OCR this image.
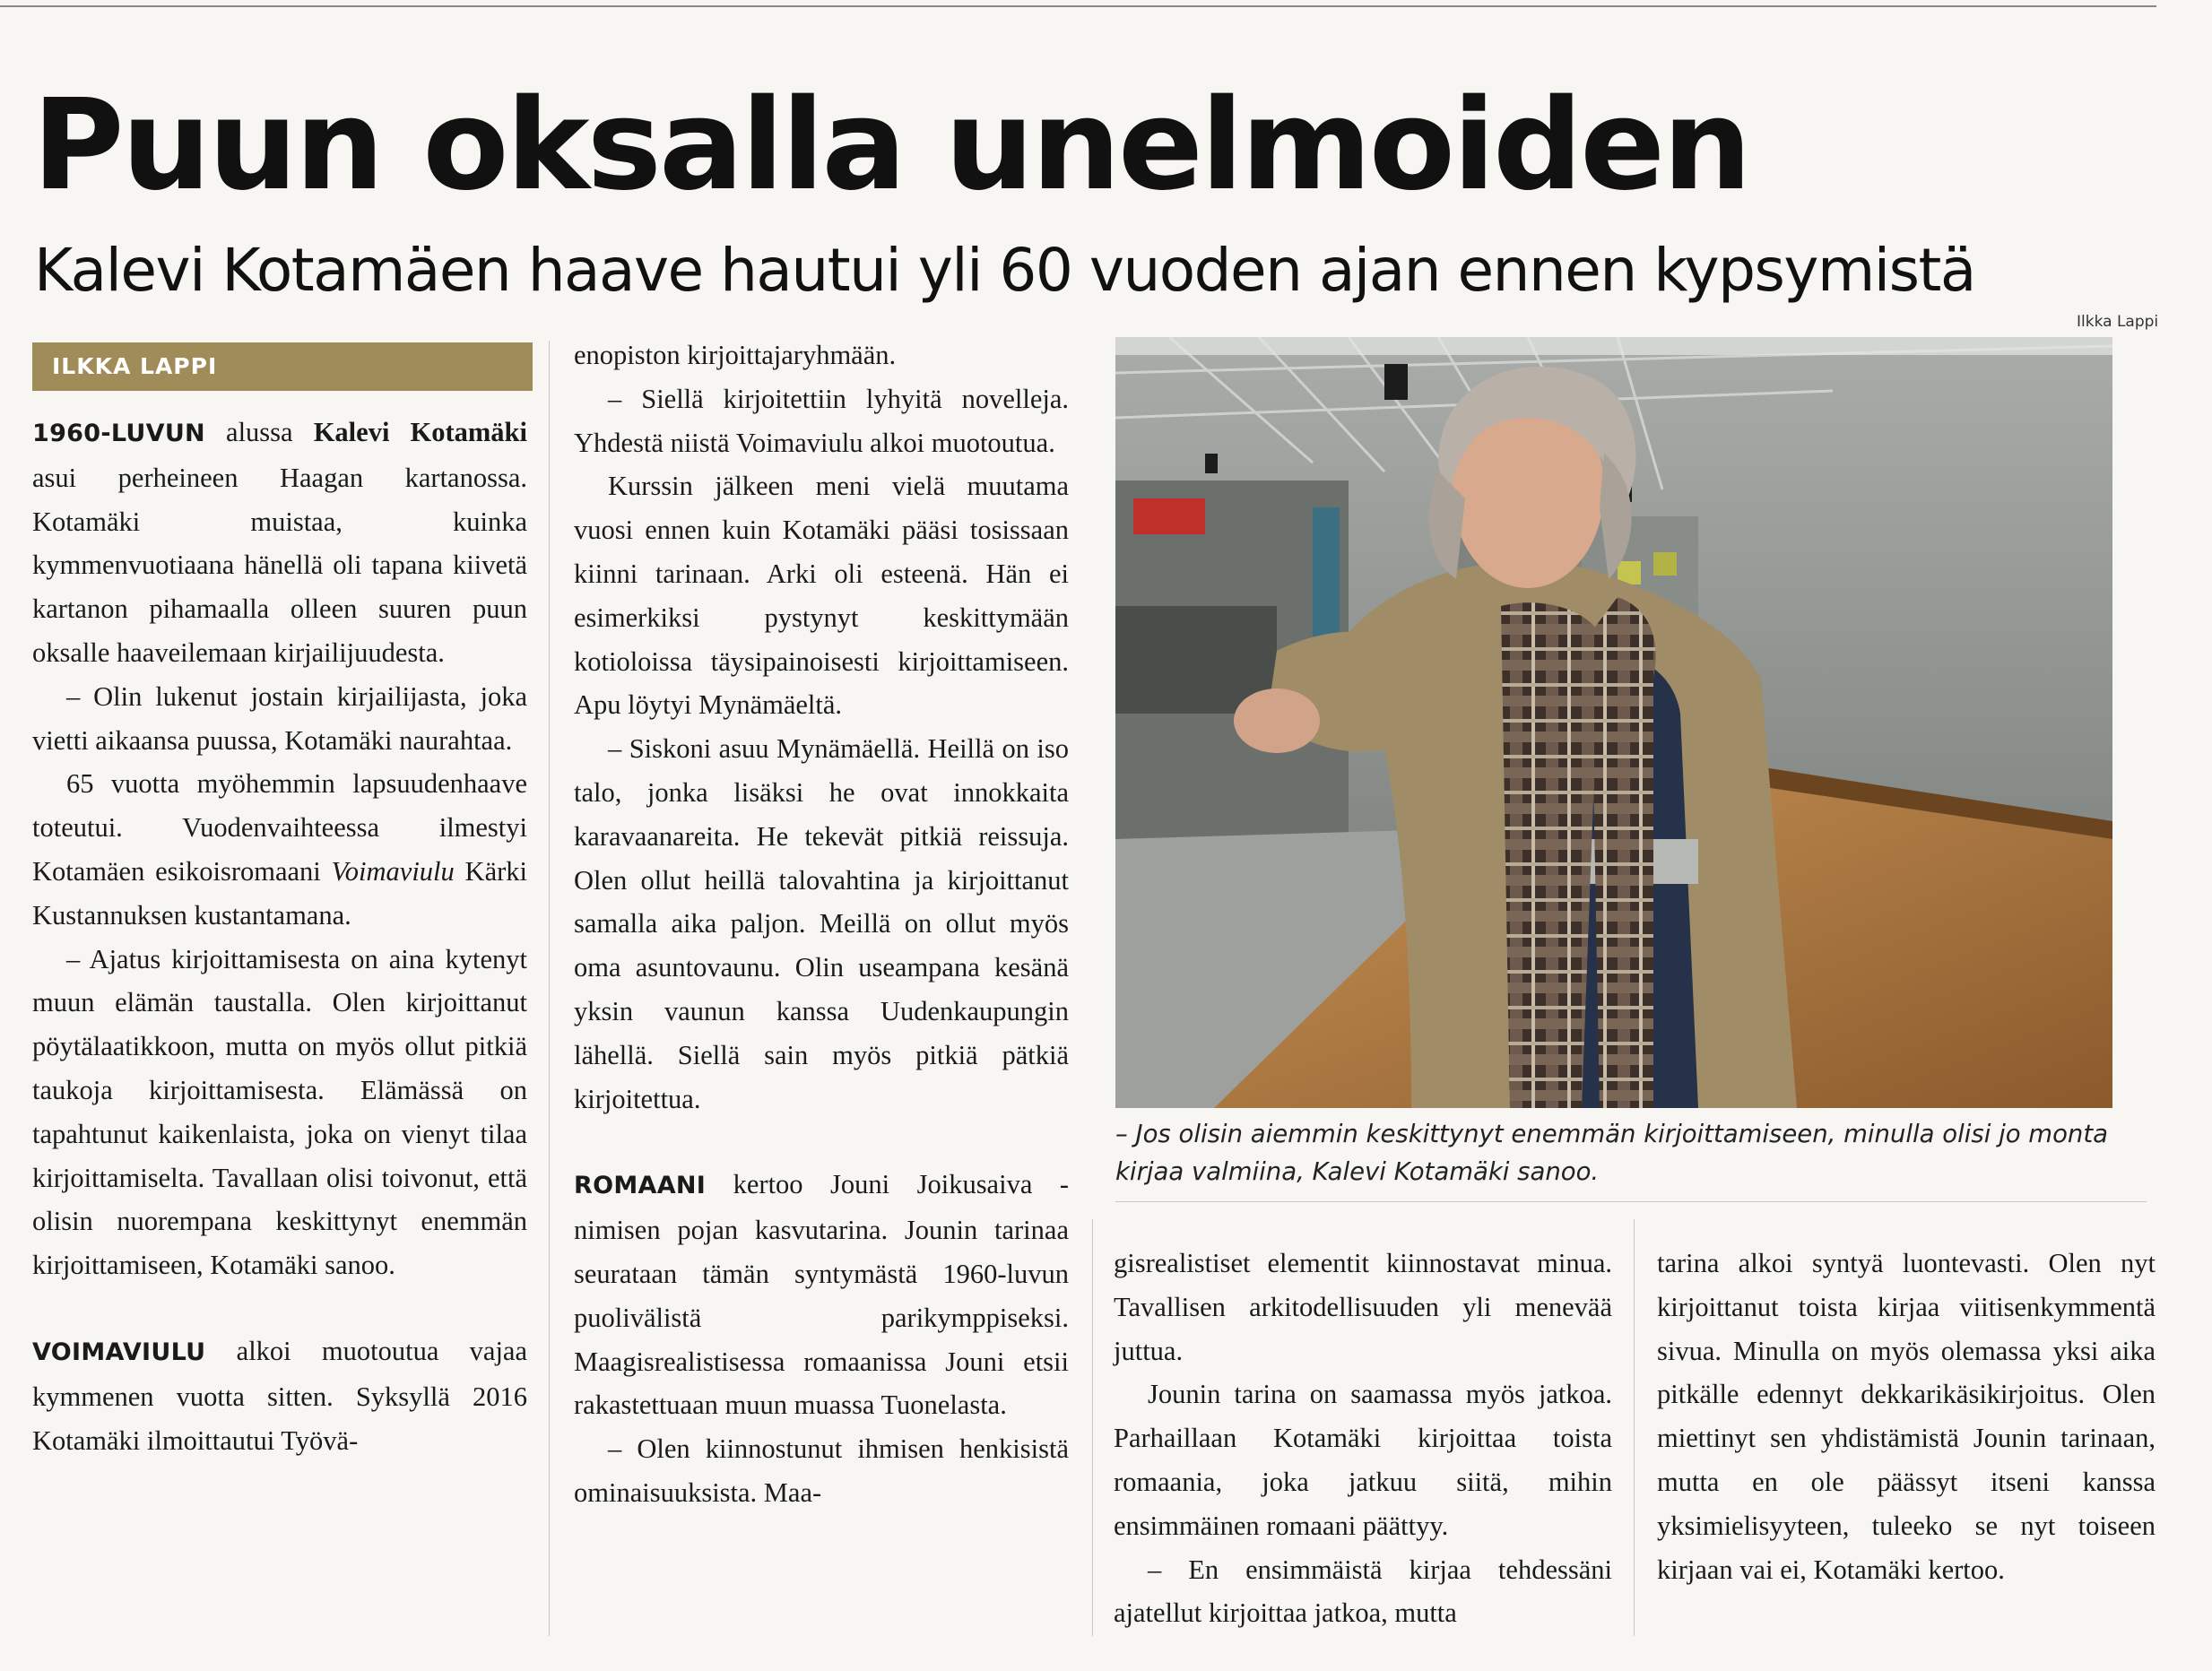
Puun oksalla unelmoiden
Kalevi Kotamäen haave hautui yli 60 vuoden ajan ennen kypsymistä
ILKKA LAPPI

1960-LUVUN alussa Kalevi Kotamäki asui perheineen Haagan kartanossa. Kotamäki muistaa, kuinka kymmenvuotiaana hänellä oli tapana kiivetä kartanon pihamaalla olleen suuren puun oksalle haaveilemaan kirjailijuudesta.

– Olin lukenut jostain kirjailijasta, joka vietti aikaansa puussa, Kotamäki naurahtaa.

65 vuotta myöhemmin lapsuudenhaave toteutui. Vuodenvaihteessa ilmestyi Kotamäen esikoisromaani Voimaviulu Kärki Kustannuksen kustantamana.

– Ajatus kirjoittamisesta on aina kytenyt muun elämän taustalla. Olen kirjoittanut pöytälaatikkoon, mutta on myös ollut pitkiä taukoja kirjoittamisesta. Elämässä on tapahtunut kaikenlaista, joka on vienyt tilaa kirjoittamiselta. Tavallaan olisi toivonut, että olisin nuorempana keskittynyt enemmän kirjoittamiseen, Kotamäki sanoo.

VOIMAVIULU alkoi muotoutua vajaa kymmenen vuotta sitten. Syksyllä 2016 Kotamäki ilmoittautui Työvä-

enopiston kirjoittajaryhmään.

– Siellä kirjoitettiin lyhyitä novelleja. Yhdestä niistä Voimaviulu alkoi muotoutua.

Kurssin jälkeen meni vielä muutama vuosi ennen kuin Kotamäki pääsi tosissaan kiinni tarinaan. Arki oli esteenä. Hän ei esimerkiksi pystynyt keskittymään kotioloissa täysipainoisesti kirjoittamiseen. Apu löytyi Mynämäeltä.

– Siskoni asuu Mynämäellä. Heillä on iso talo, jonka lisäksi he ovat innokkaita karavaanareita. He tekevät pitkiä reissuja. Olen ollut heillä talovahtina ja kirjoittanut samalla aika paljon. Meillä on ollut myös oma asuntovaunu. Olin useampana kesänä yksin vaunun kanssa Uudenkaupungin lähellä. Siellä sain myös pitkiä pätkiä kirjoitettua.

ROMAANI kertoo Jouni Joikusaiva -nimisen pojan kasvutarina. Jounin tarinaa seurataan tämän syntymästä 1960-luvun puolivälistä parikymppiseksi. Maagisrealistisessa romaanissa Jouni etsii rakastettuaan muun muassa Tuonelasta.

– Olen kiinnostunut ihmisen henkisistä ominaisuuksista. Maa-

Ilkka Lappi
– Jos olisin aiemmin keskittynyt enemmän kirjoittamiseen, minulla olisi jo monta kirjaa valmiina, Kalevi Kotamäki sanoo.

gisrealistiset elementit kiinnostavat minua. Tavallisen arkitodellisuuden yli menevää juttua.

Jounin tarina on saamassa myös jatkoa. Parhaillaan Kotamäki kirjoittaa toista romaania, joka jatkuu siitä, mihin ensimmäinen romaani päättyy.

– En ensimmäistä kirjaa tehdessäni ajatellut kirjoittaa jatkoa, mutta

tarina alkoi syntyä luontevasti. Olen nyt kirjoittanut toista kirjaa viitisenkymmentä sivua. Minulla on myös olemassa yksi aika pitkälle edennyt dekkarikäsikirjoitus. Olen miettinyt sen yhdistämistä Jounin tarinaan, mutta en ole päässyt itseni kanssa yksimielisyyteen, tuleeko se nyt toiseen kirjaan vai ei, Kotamäki kertoo.
